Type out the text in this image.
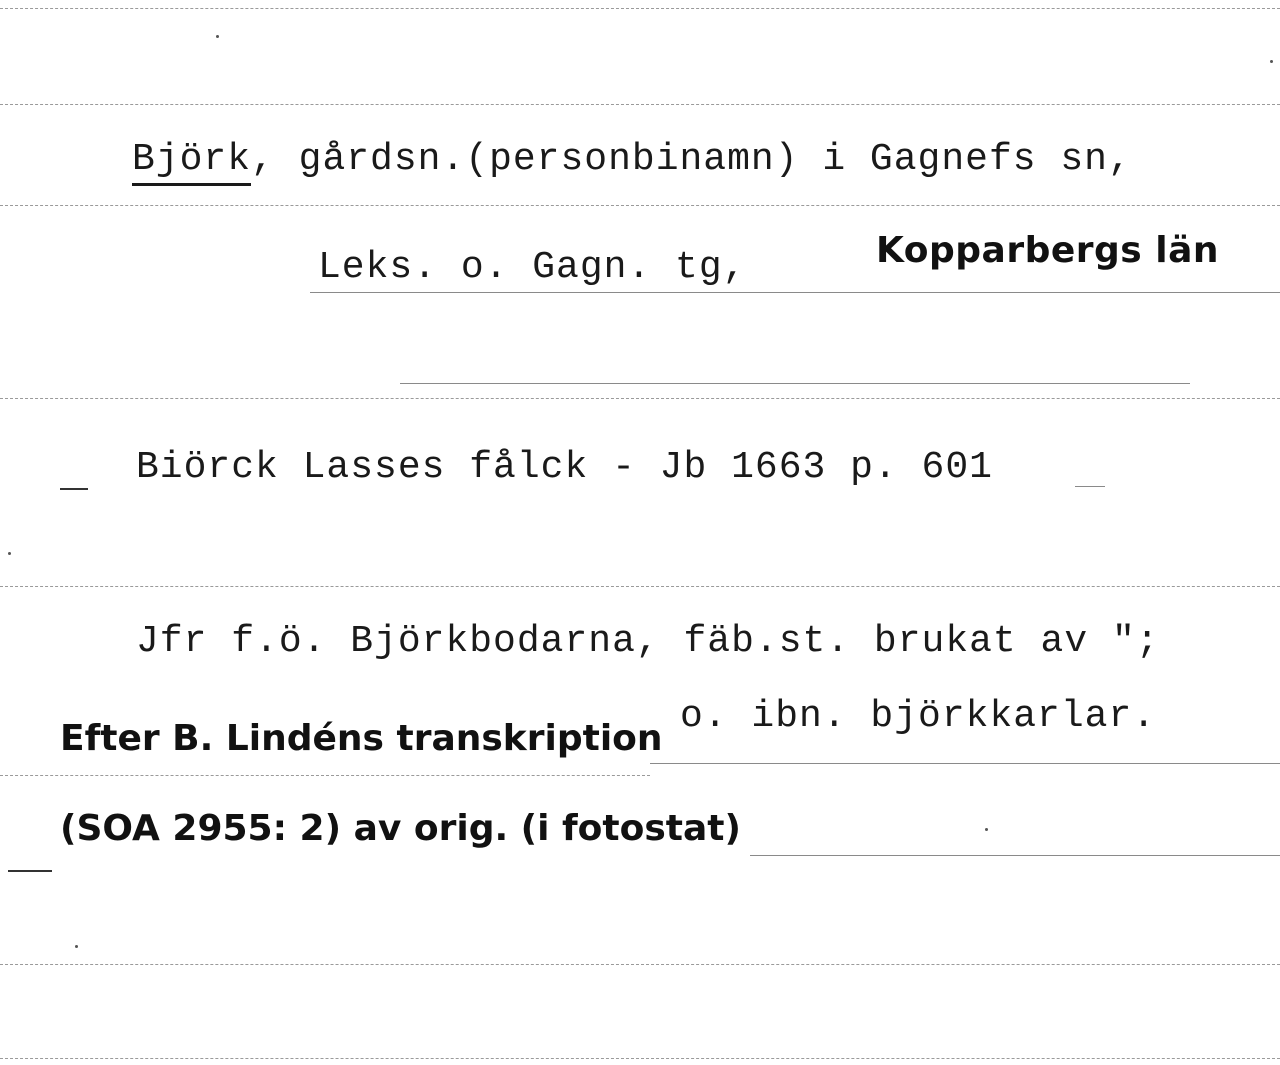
Björk, gårdsn.(personbinamn) i Gagnefs sn,
Leks. o. Gagn. tg,	Kopparbergs län
Biörck Lasses fålck - Jb 1663 p. 601
Jfr f.ö. Björkbodarna, fäb.st. brukat av ";
o. ibn. björkkarlar.
Efter B. Lindéns transkription
(SOA 2955: 2) av orig. (i fotostat)
